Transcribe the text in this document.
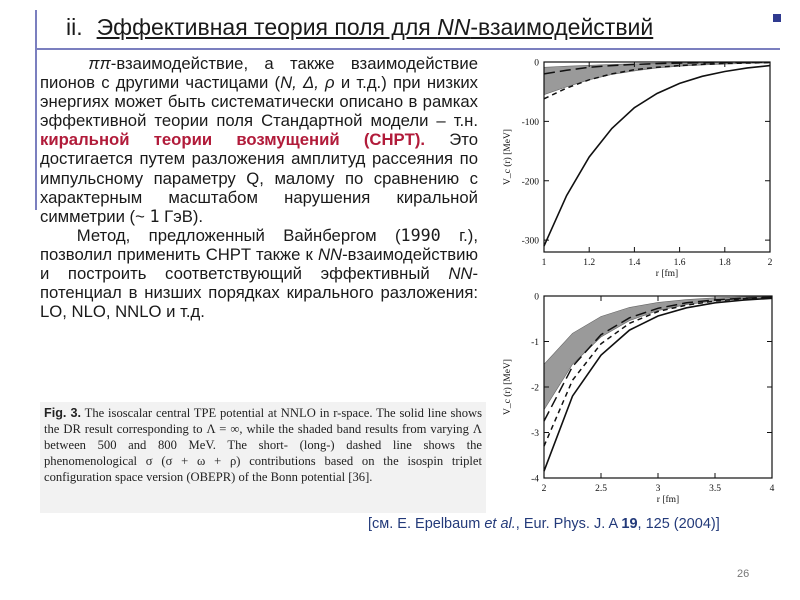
ii. Эффективная теория поля для NN-взаимодействий

ππ-взаимодействие, а также взаимодействие пионов с другими частицами (N, Δ, ρ и т.д.) при низких энергиях может быть систематически описано в рамках эффективной теории поля Стандартной модели – т.н. киральной теории возмущений (CHPT). Это достигается путем разложения амплитуд рассеяния по импульсному параметру Q, малому по сравнению с характерным масштабом нарушения киральной симметрии (~ 1 ГэВ).

Метод, предложенный Вайнбергом (1990 г.), позволил применить CHPT также к NN-взаимодействию и построить соответствующий эффективный NN-потенциал в низших порядках кирального разложения: LO, NLO, NNLO и т.д.

Fig. 3. The isoscalar central TPE potential at NNLO in r-space. The solid line shows the DR result corresponding to Λ = ∞, while the shaded band results from varying Λ between 500 and 800 MeV. The short- (long-) dashed line shows the phenomenological σ (σ + ω + ρ) contributions based on the isospin triplet configuration space version (OBEPR) of the Bonn potential [36].
1	1.2	1.4	1.6	1.8	2
0
-100
-200
-300
r [fm]
V_c (r) [MeV]
2	2.5	3	3.5	4
0
-1
-2
-3
-4
r [fm]
V_c (r) [MeV]
[см. E. Epelbaum et al., Eur. Phys. J. A 19, 125 (2004)]
26
